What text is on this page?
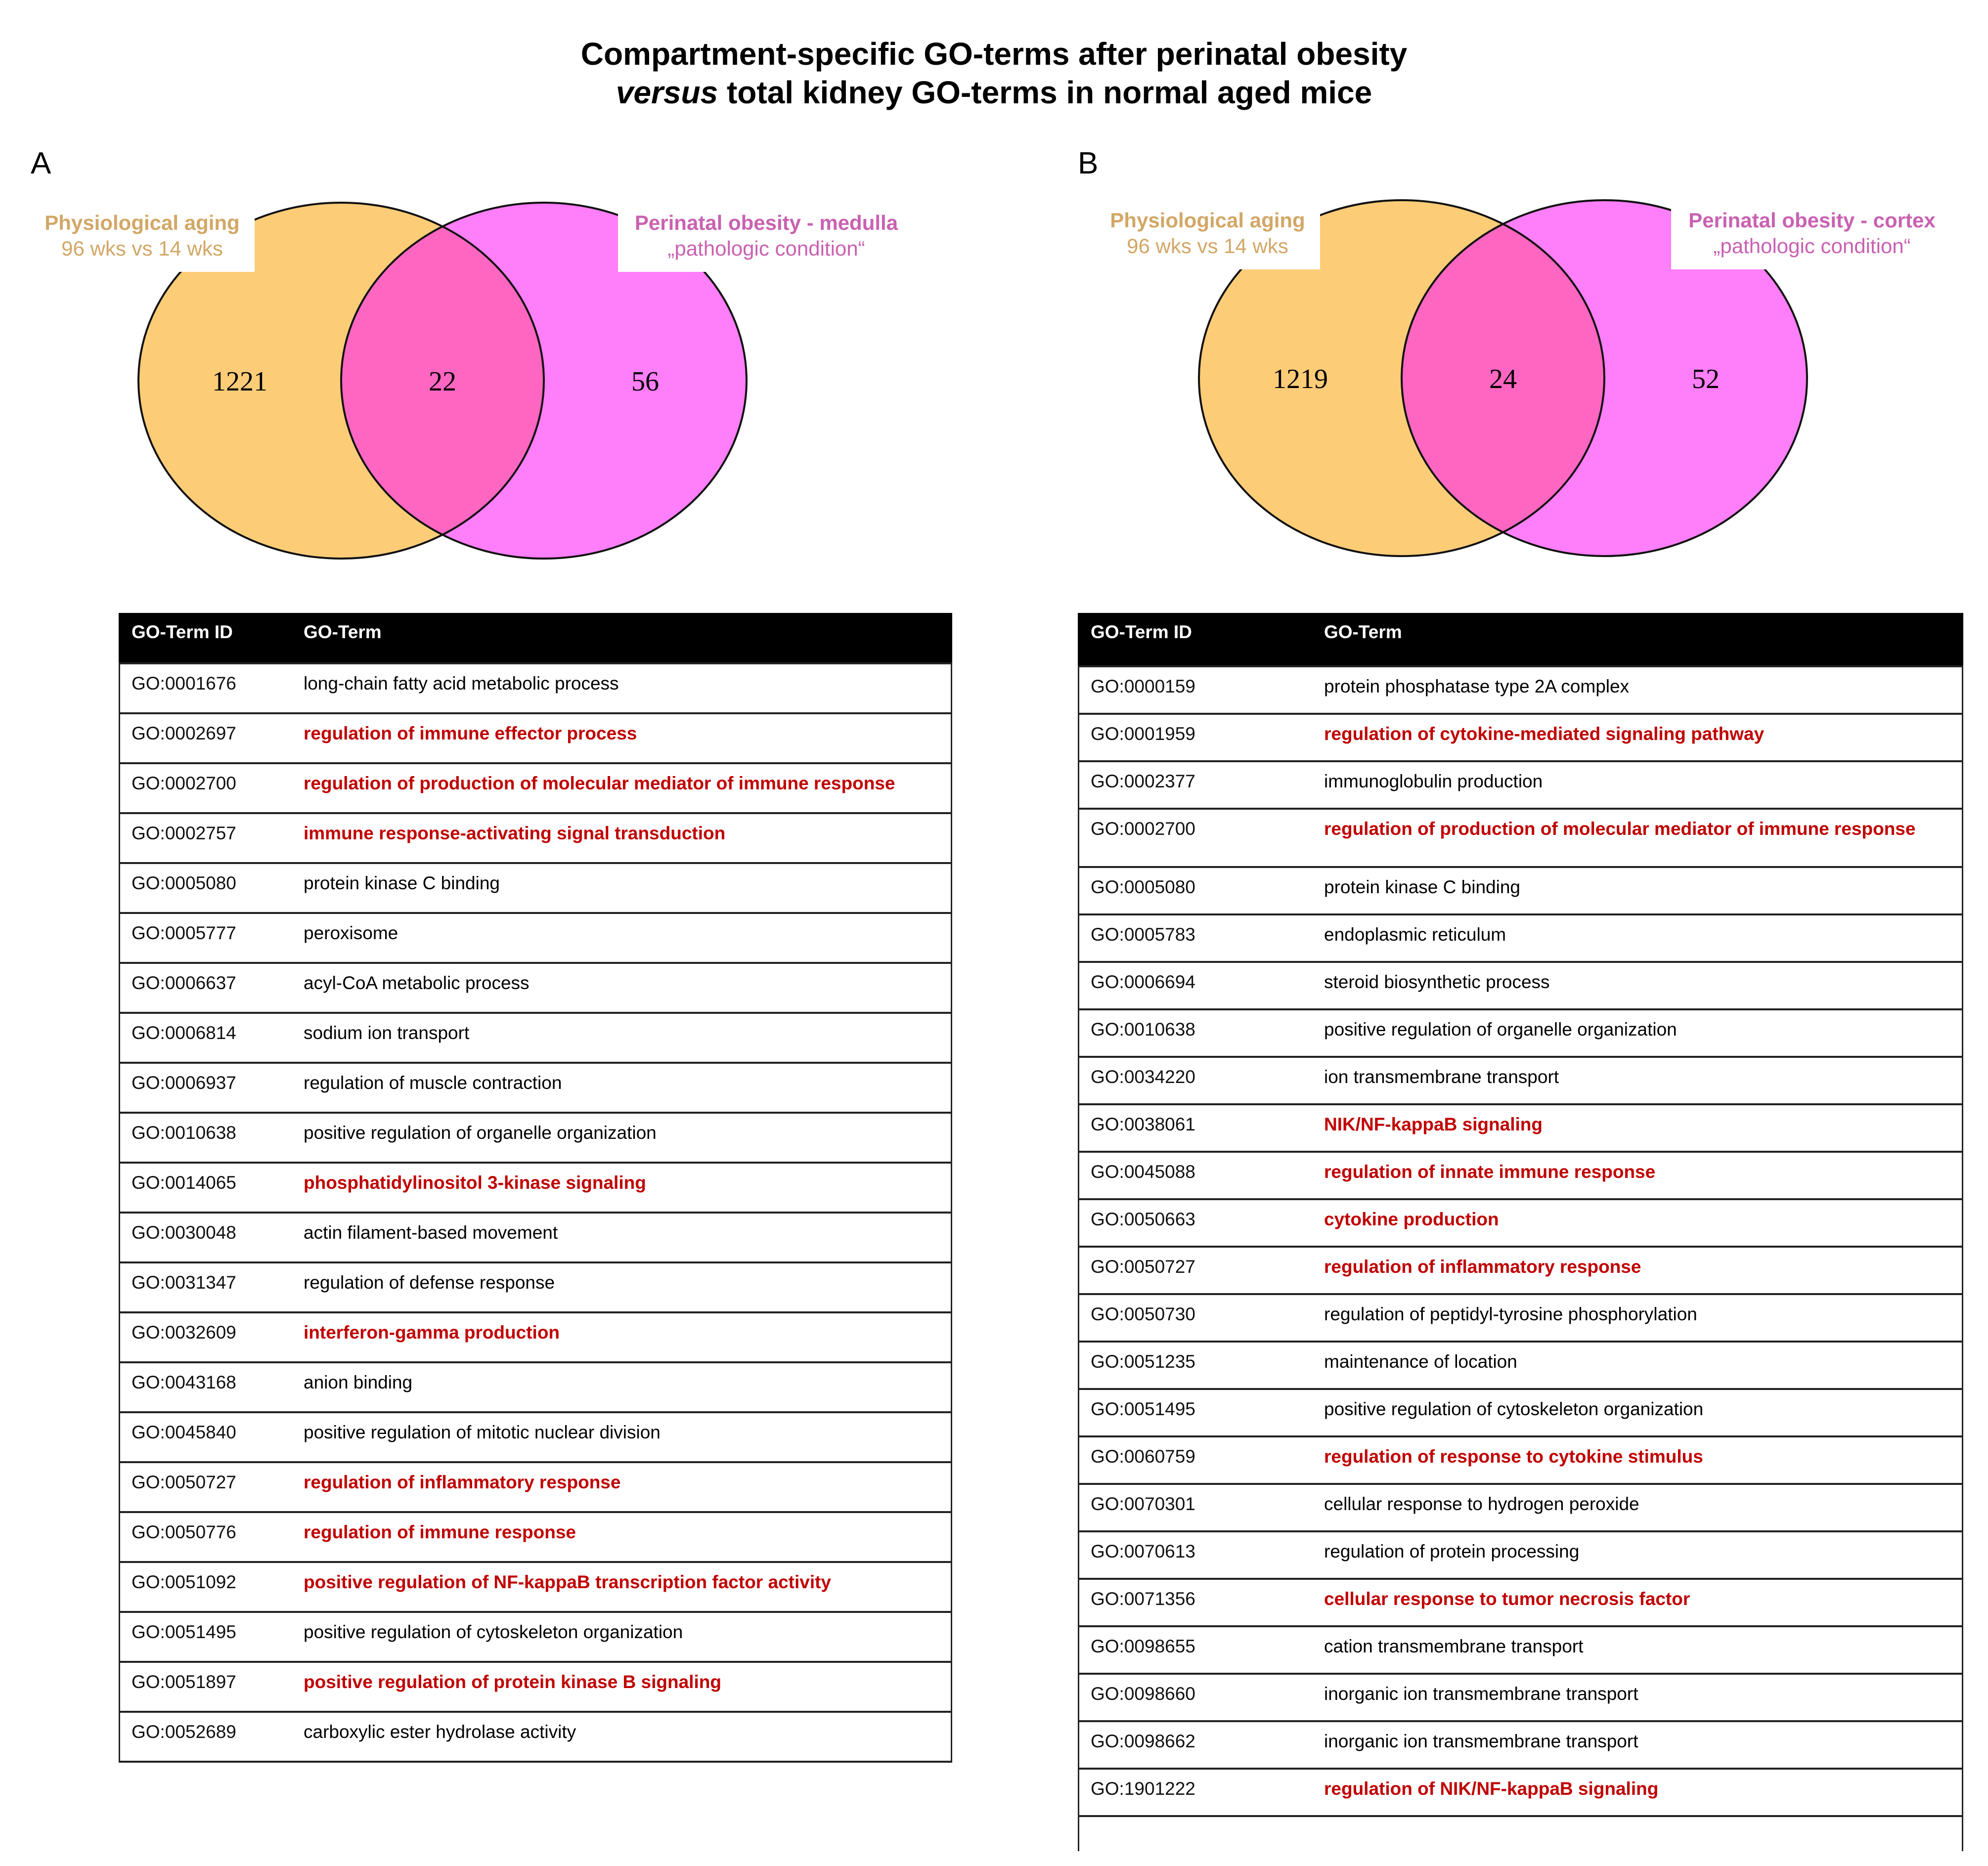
Compartment-specific GO-terms after perinatal obesity
versus total kidney GO-terms in normal aged mice
A	B
1221	22	56	1219	24	52
Physiological aging
96 wks vs 14 wks
Perinatal obesity - medulla
„pathologic condition“
Physiological aging
96 wks vs 14 wks
Perinatal obesity - cortex
„pathologic condition“
GO-Term ID	GO-Term
GO:0001676	long-chain fatty acid metabolic process
GO:0002697	regulation of immune effector process
GO:0002700	regulation of production of molecular mediator of immune response
GO:0002757	immune response-activating signal transduction
GO:0005080	protein kinase C binding
GO:0005777	peroxisome
GO:0006637	acyl-CoA metabolic process
GO:0006814	sodium ion transport
GO:0006937	regulation of muscle contraction
GO:0010638	positive regulation of organelle organization
GO:0014065	phosphatidylinositol 3-kinase signaling
GO:0030048	actin filament-based movement
GO:0031347	regulation of defense response
GO:0032609	interferon-gamma production
GO:0043168	anion binding
GO:0045840	positive regulation of mitotic nuclear division
GO:0050727	regulation of inflammatory response
GO:0050776	regulation of immune response
GO:0051092	positive regulation of NF-kappaB transcription factor activity
GO:0051495	positive regulation of cytoskeleton organization
GO:0051897	positive regulation of protein kinase B signaling
GO:0052689	carboxylic ester hydrolase activity
GO-Term ID	GO-Term
GO:0000159	protein phosphatase type 2A complex
GO:0001959	regulation of cytokine-mediated signaling pathway
GO:0002377	immunoglobulin production
GO:0002700	regulation of production of molecular mediator of immune response
GO:0005080	protein kinase C binding
GO:0005783	endoplasmic reticulum
GO:0006694	steroid biosynthetic process
GO:0010638	positive regulation of organelle organization
GO:0034220	ion transmembrane transport
GO:0038061	NIK/NF-kappaB signaling
GO:0045088	regulation of innate immune response
GO:0050663	cytokine production
GO:0050727	regulation of inflammatory response
GO:0050730	regulation of peptidyl-tyrosine phosphorylation
GO:0051235	maintenance of location
GO:0051495	positive regulation of cytoskeleton organization
GO:0060759	regulation of response to cytokine stimulus
GO:0070301	cellular response to hydrogen peroxide
GO:0070613	regulation of protein processing
GO:0071356	cellular response to tumor necrosis factor
GO:0098655	cation transmembrane transport
GO:0098660	inorganic ion transmembrane transport
GO:0098662	inorganic ion transmembrane transport
GO:1901222	regulation of NIK/NF-kappaB signaling
